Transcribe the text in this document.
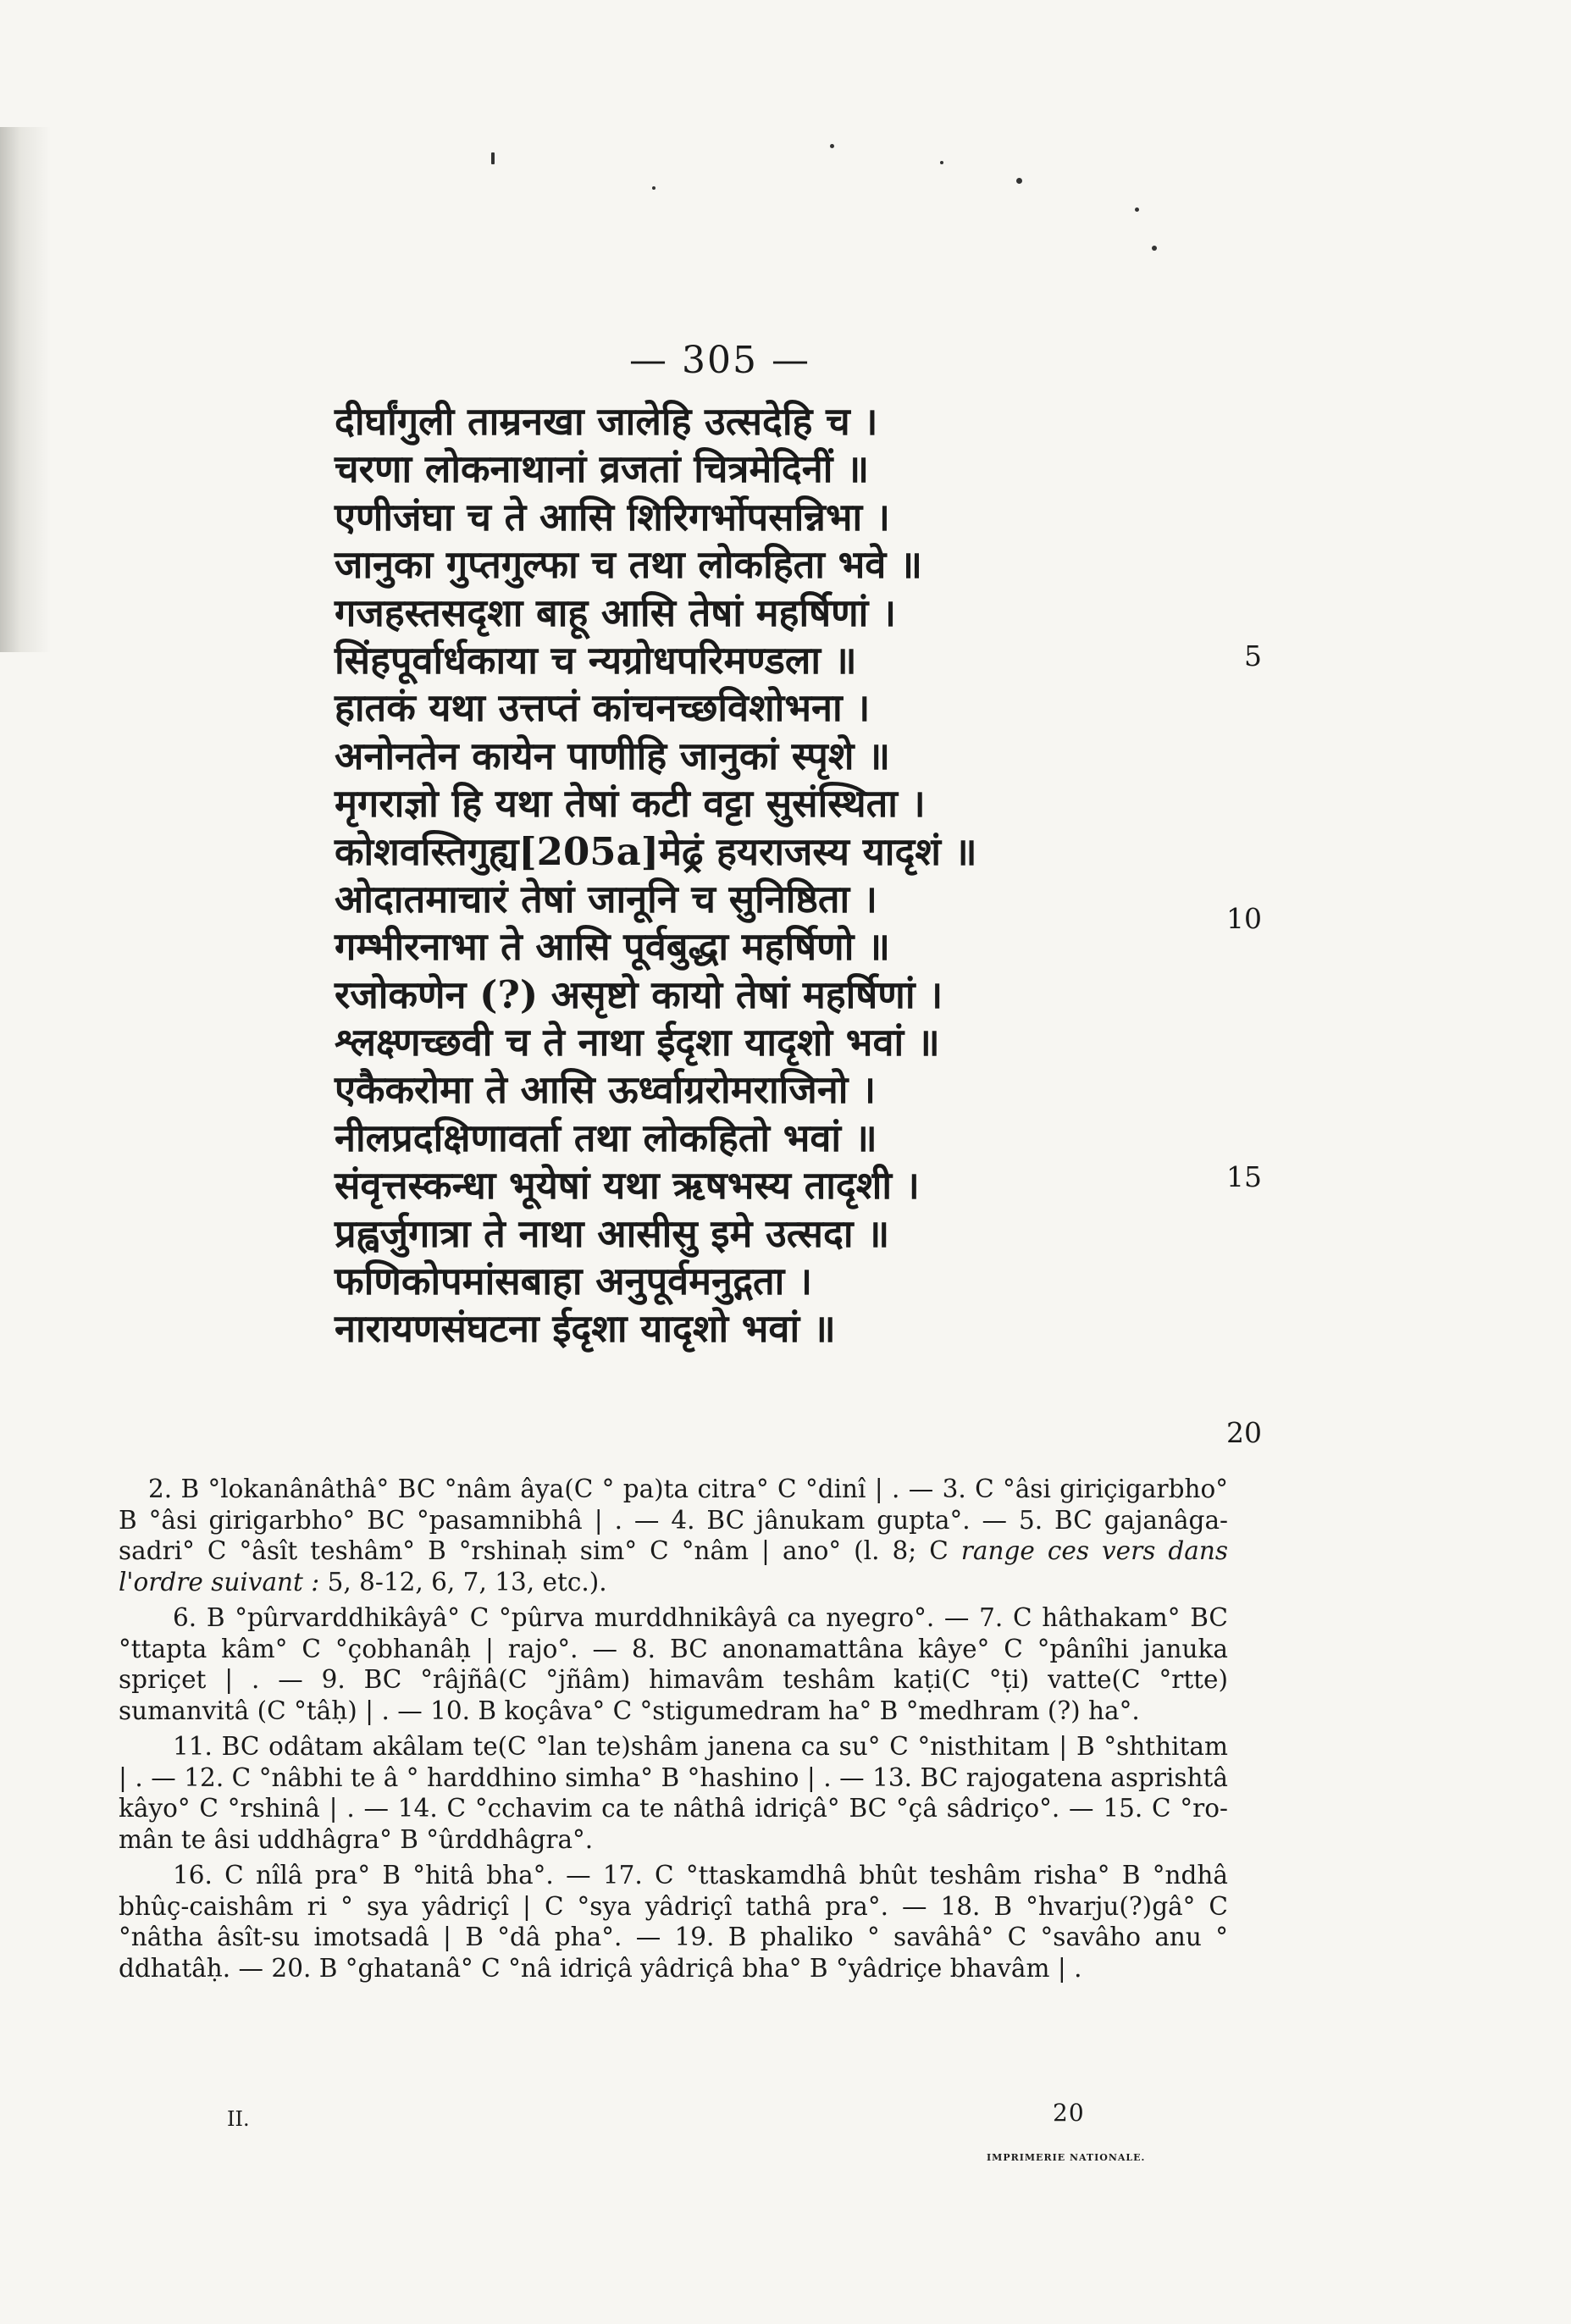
— 305 —
दीर्घांगुली ताम्रनखा जालेहि उत्सदेहि च ।
चरणा लोकनाथानां व्रजतां चित्रमेदिनीं ॥
एणीजंघा च ते आसि शिरिगर्भोपसन्निभा ।
जानुका गुप्तगुल्फा च तथा लोकहिता भवे ॥
गजहस्तसदृशा बाहू आसि तेषां महर्षिणां ।
सिंहपूर्वार्धकाया च न्यग्रोधपरिमण्डला ॥
हातकं यथा उत्तप्तं कांचनच्छविशोभना ।
अनोनतेन कायेन पाणीहि जानुकां स्पृशे ॥
मृगराज्ञो हि यथा तेषां कटी वट्टा सुसंस्थिता ।
कोशवस्तिगुह्य[205a]मेढ्रं हयराजस्य यादृशं ॥
ओदातमाचारं तेषां जानूनि च सुनिष्ठिता ।
गम्भीरनाभा ते आसि पूर्वबुद्धा महर्षिणो ॥
रजोकणेन (?) असृष्टो कायो तेषां महर्षिणां ।
श्लक्ष्णच्छवी च ते नाथा ईदृशा यादृशो भवां ॥
एकैकरोमा ते आसि ऊर्ध्वाग्ररोमराजिनो ।
नीलप्रदक्षिणावर्ता तथा लोकहितो भवां ॥
संवृत्तस्कन्धा भूयेषां यथा ऋषभस्य तादृशी ।
प्रह्वर्जुगात्रा ते नाथा आसीसु इमे उत्सदा ॥
फणिकोपमांसबाहा अनुपूर्वमनुद्गता ।
नारायणसंघटना ईदृशा यादृशो भवां ॥
5
10
15
20

2. B °lokanânâthâ° BC °nâm âya(C ° pa)ta citra° C °dinî | . — 3. C °âsi giriçigarbho° B °âsi girigarbho° BC °pasamnibhâ | . — 4. BC jânukam gupta°. — 5. BC gajanâga-sadri° C °âsît teshâm° B °rshinaḥ sim° C °nâm | ano° (l. 8; C range ces vers dans l'ordre suivant : 5, 8-12, 6, 7, 13, etc.).

6. B °pûrvarddhikâyâ° C °pûrva murddhnikâyâ ca nyegro°. — 7. C hâthakam° BC °ttapta kâm° C °çobhanâḥ | rajo°. — 8. BC anonamattâna kâye° C °pânîhi januka spriçet | . — 9. BC °râjñâ(C °jñâm) himavâm teshâm kaṭi(C °ṭi) vatte(C °rtte) sumanvitâ (C °tâḥ) | . — 10. B koçâva° C °stigumedram ha° B °medhram (?) ha°.

11. BC odâtam akâlam te(C °lan te)shâm janena ca su° C °nisthitam | B °shthitam | . — 12. C °nâbhi te â ° harddhino simha° B °hashino | . — 13. BC rajogatena asprishtâ kâyo° C °rshinâ | . — 14. C °cchavim ca te nâthâ idriçâ° BC °çâ sâdriço°. — 15. C °ro-mân te âsi uddhâgra° B °ûrddhâgra°.

16. C nîlâ pra° B °hitâ bha°. — 17. C °ttaskamdhâ bhût teshâm risha° B °ndhâ bhûç-caishâm ri ° sya yâdriçî | C °sya yâdriçî tathâ pra°. — 18. B °hvarju(?)gâ° C °nâtha âsît-su imotsadâ | B °dâ pha°. — 19. B phaliko ° savâhâ° C °savâho anu ° ddhatâḥ. — 20. B °ghatanâ° C °nâ idriçâ yâdriçâ bha° B °yâdriçe bhavâm | .

II.	20
IMPRIMERIE NATIONALE.
